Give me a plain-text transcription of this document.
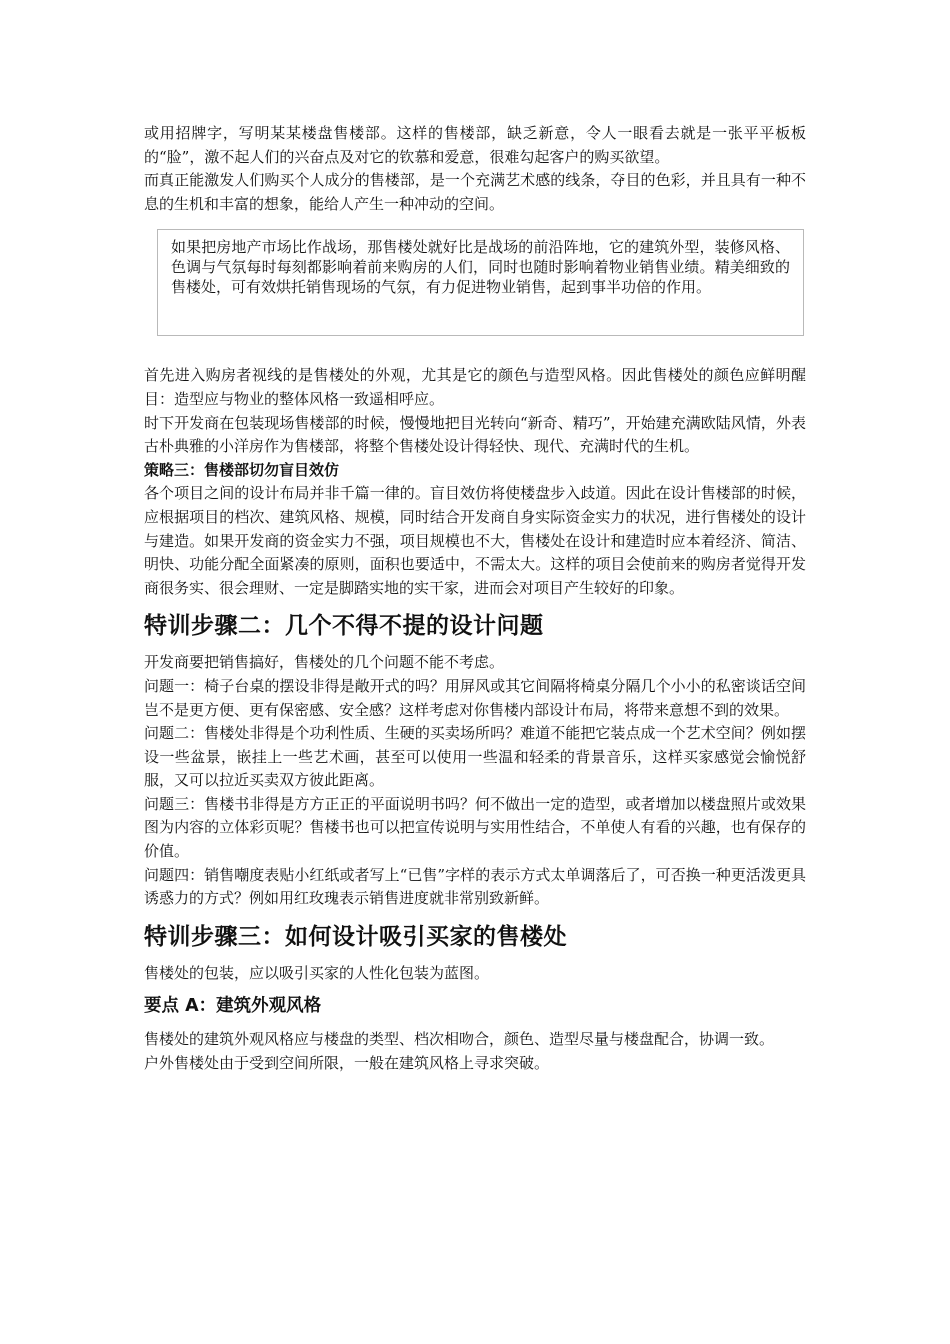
或用招牌字，写明某某楼盘售楼部。这样的售楼部，缺乏新意，令人一眼看去就是一张平平板板的“脸”，激不起人们的兴奋点及对它的钦慕和爱意，很难勾起客户的购买欲望。

而真正能激发人们购买个人成分的售楼部，是一个充满艺术感的线条，夺目的色彩，并且具有一种不息的生机和丰富的想象，能给人产生一种冲动的空间。

如果把房地产市场比作战场，那售楼处就好比是战场的前沿阵地，它的建筑外型，装修风格、色调与气氛每时每刻都影响着前来购房的人们，同时也随时影响着物业销售业绩。精美细致的售楼处，可有效烘托销售现场的气氛，有力促进物业销售，起到事半功倍的作用。

首先进入购房者视线的是售楼处的外观，尤其是它的颜色与造型风格。因此售楼处的颜色应鲜明醒目：造型应与物业的整体风格一致遥相呼应。

时下开发商在包装现场售楼部的时候，慢慢地把目光转向“新奇、精巧”，开始建充满欧陆风情，外表古朴典雅的小洋房作为售楼部，将整个售楼处设计得轻快、现代、充满时代的生机。

策略三：售楼部切勿盲目效仿

各个项目之间的设计布局并非千篇一律的。盲目效仿将使楼盘步入歧道。因此在设计售楼部的时候，应根据项目的档次、建筑风格、规模，同时结合开发商自身实际资金实力的状况，进行售楼处的设计与建造。如果开发商的资金实力不强，项目规模也不大，售楼处在设计和建造时应本着经济、简洁、明快、功能分配全面紧凑的原则，面积也要适中，不需太大。这样的项目会使前来的购房者觉得开发商很务实、很会理财、一定是脚踏实地的实干家，进而会对项目产生较好的印象。

特训步骤二：几个不得不提的设计问题

开发商要把销售搞好，售楼处的几个问题不能不考虑。

问题一：椅子台桌的摆设非得是敞开式的吗？用屏风或其它间隔将椅桌分隔几个小小的私密谈话空间岂不是更方便、更有保密感、安全感？这样考虑对你售楼内部设计布局，将带来意想不到的效果。

问题二：售楼处非得是个功利性质、生硬的买卖场所吗？难道不能把它装点成一个艺术空间？例如摆设一些盆景，嵌挂上一些艺术画，甚至可以使用一些温和轻柔的背景音乐，这样买家感觉会愉悦舒服，又可以拉近买卖双方彼此距离。

问题三：售楼书非得是方方正正的平面说明书吗？何不做出一定的造型，或者增加以楼盘照片或效果图为内容的立体彩页呢？售楼书也可以把宣传说明与实用性结合，不单使人有看的兴趣，也有保存的价值。

问题四：销售嘲度表贴小红纸或者写上“已售”字样的表示方式太单调落后了，可否换一种更活泼更具诱惑力的方式？例如用红玫瑰表示销售进度就非常别致新鲜。

特训步骤三：如何设计吸引买家的售楼处

售楼处的包装，应以吸引买家的人性化包装为蓝图。

要点 A：建筑外观风格

售楼处的建筑外观风格应与楼盘的类型、档次相吻合，颜色、造型尽量与楼盘配合，协调一致。

户外售楼处由于受到空间所限，一般在建筑风格上寻求突破。
